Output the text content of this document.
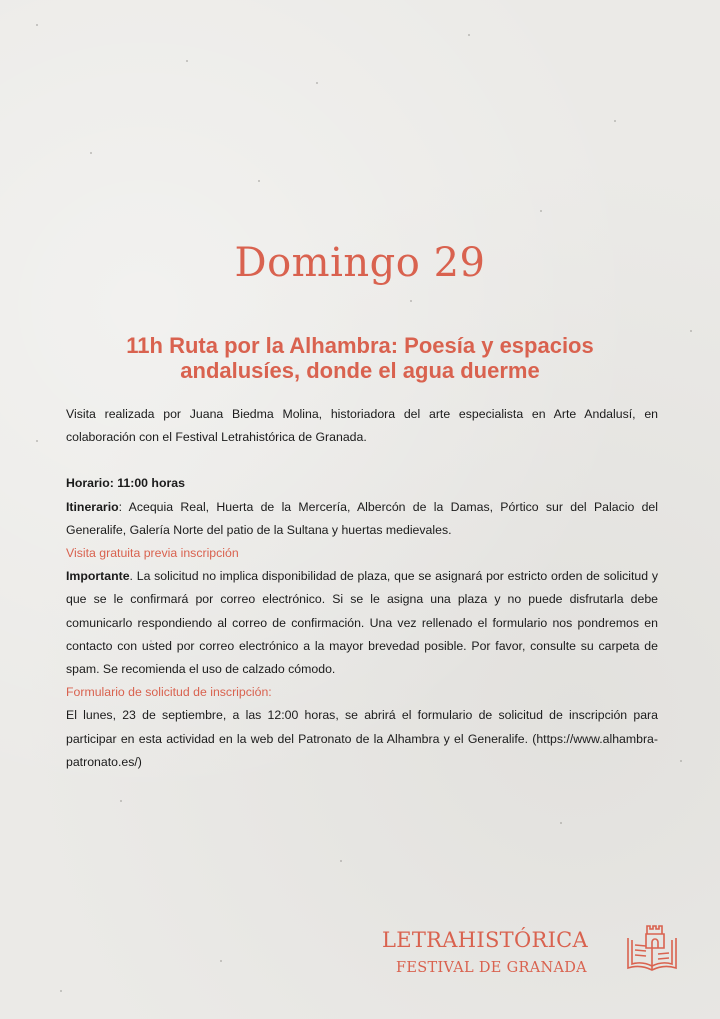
Domingo 29
11h Ruta por la Alhambra: Poesía y espacios andalusíes, donde el agua duerme

Visita realizada por Juana Biedma Molina, historiadora del arte especialista en Arte Andalusí, en colaboración con el Festival Letrahistórica de Granada.

Horario: 11:00 horas

Itinerario: Acequia Real, Huerta de la Mercería, Albercón de la Damas, Pórtico sur del Palacio del Generalife, Galería Norte del patio de la Sultana y huertas medievales.

Visita gratuita previa inscripción

Importante. La solicitud no implica disponibilidad de plaza, que se asignará por estricto orden de solicitud y que se le confirmará por correo electrónico. Si se le asigna una plaza y no puede disfrutarla debe comunicarlo respondiendo al correo de confirmación. Una vez rellenado el formulario nos pondremos en contacto con usted por correo electrónico a la mayor brevedad posible. Por favor, consulte su carpeta de spam. Se recomienda el uso de calzado cómodo.

Formulario de solicitud de inscripción:

El lunes, 23 de septiembre, a las 12:00 horas, se abrirá el formulario de solicitud de inscripción para participar en esta actividad en la web del Patronato de la Alhambra y el Generalife. (https://www.alhambra-patronato.es/)

LETRAHISTÓRICA
FESTIVAL DE GRANADA
